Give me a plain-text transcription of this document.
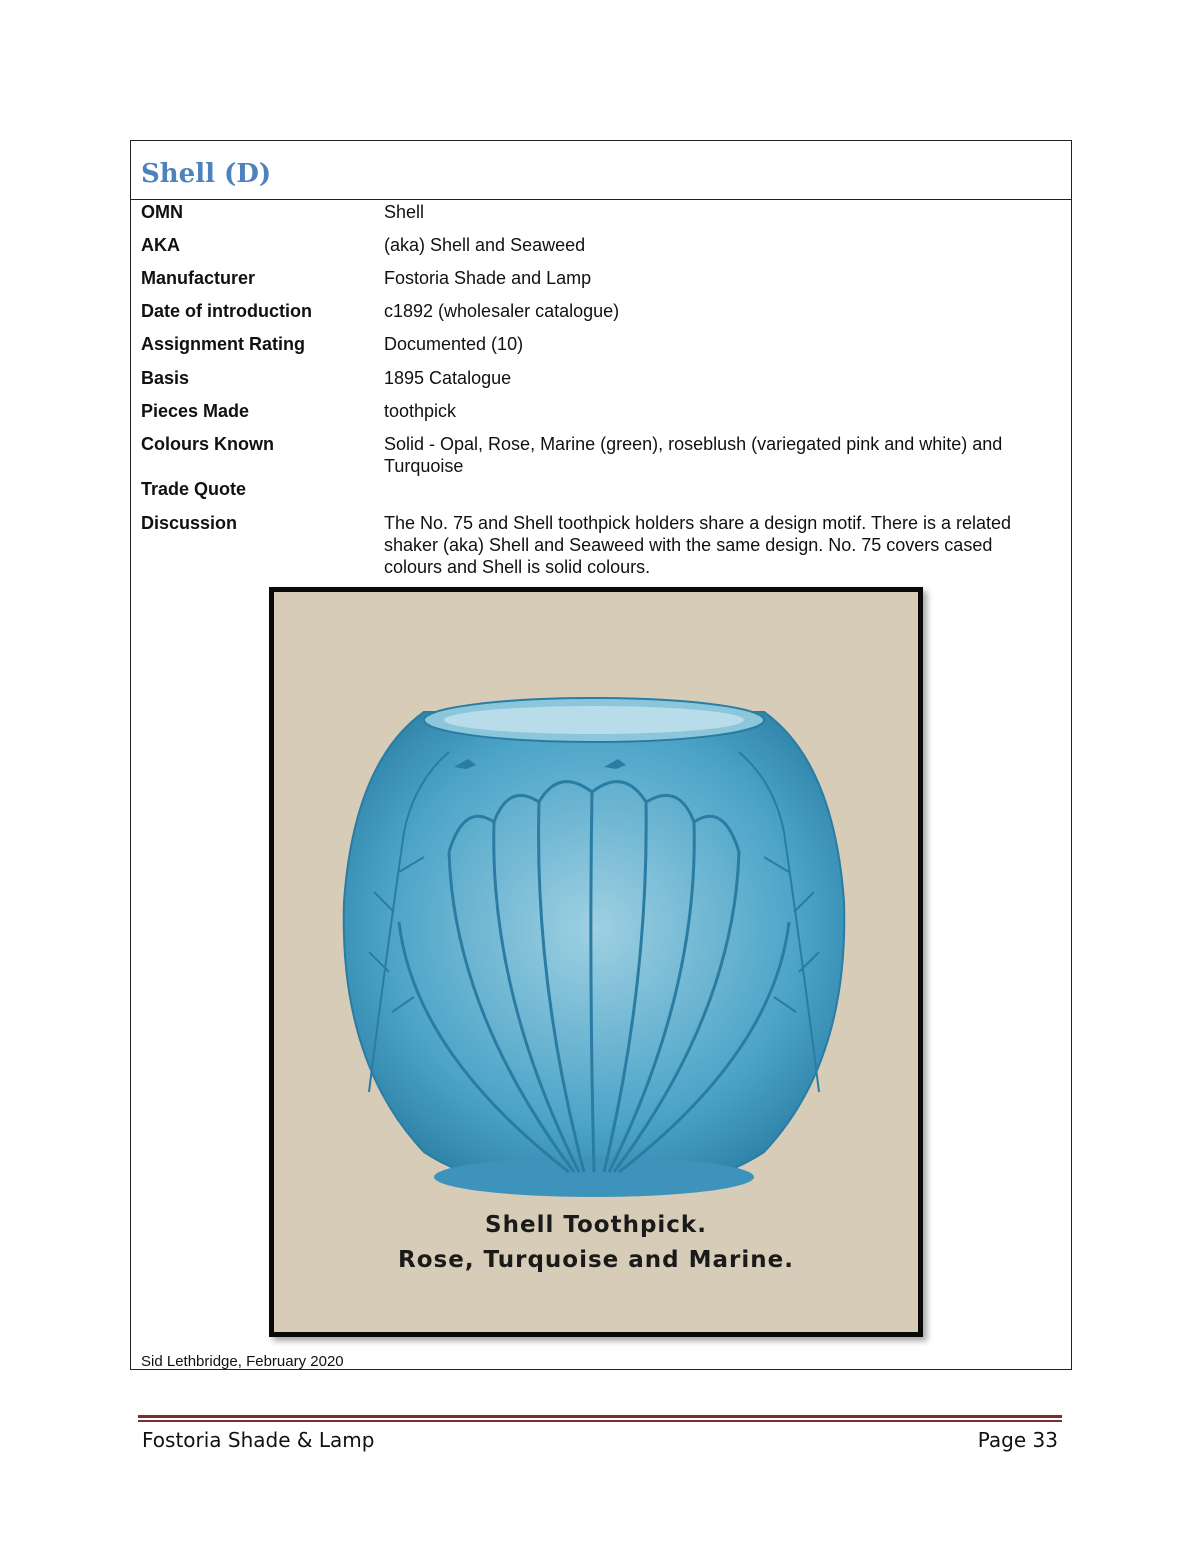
Shell (D)
OMN	Shell
AKA	(aka) Shell and Seaweed
Manufacturer	Fostoria Shade and Lamp
Date of introduction	c1892 (wholesaler catalogue)
Assignment Rating	Documented (10)
Basis	1895 Catalogue
Pieces Made	toothpick
Colours Known	Solid - Opal, Rose, Marine (green), roseblush (variegated pink and white) and Turquoise
Trade Quote
Discussion	The No. 75 and Shell toothpick holders share a design motif. There is a related shaker (aka) Shell and Seaweed with the same design. No. 75 covers cased colours and Shell is solid colours.
Shell Toothpick.
Rose, Turquoise and Marine.
Sid Lethbridge, February 2020
Fostoria Shade & Lamp	Page 33
